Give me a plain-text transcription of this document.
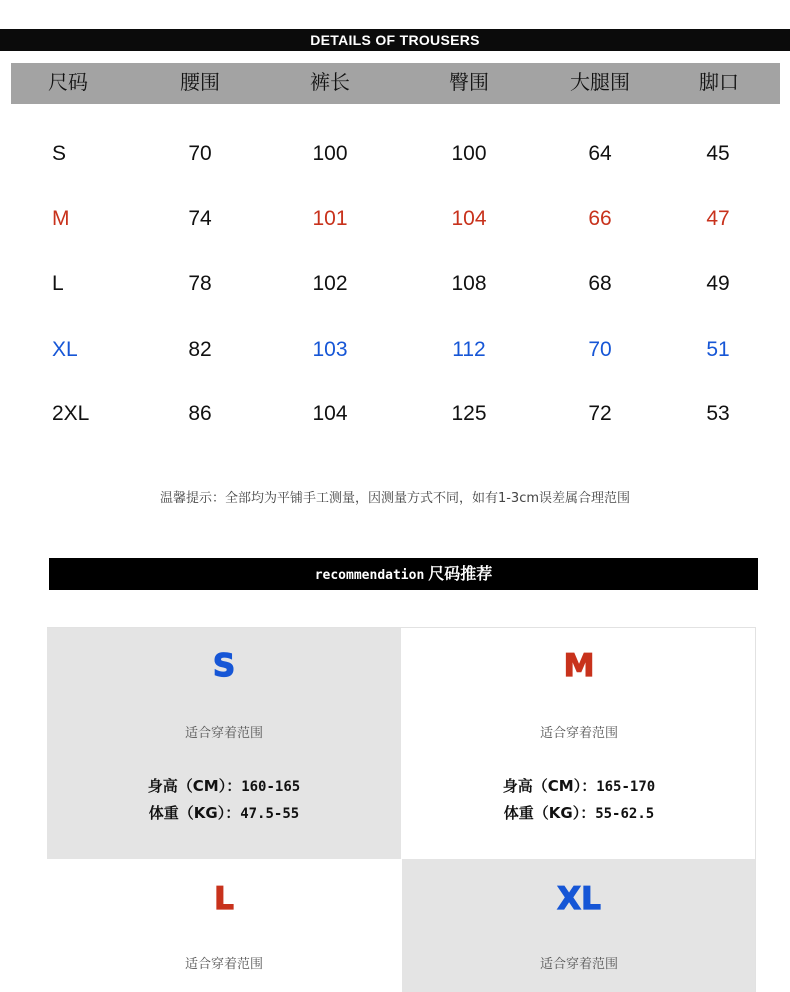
DETAILS OF TROUSERS
尺码	腰围	裤长	臀围	大腿围	脚口
S	70	100	100	64	45
M	74	101	104	66	47
L	78	102	108	68	49
XL	82	103	112	70	51
2XL	86	104	125	72	53
温馨提示：全部均为平铺手工测量，因测量方式不同，如有1-3cm误差属合理范围
recommendation 尺码推荐
S
适合穿着范围
身高（CM）：160-165
体重（KG）：47.5-55
M
适合穿着范围
身高（CM）：165-170
体重（KG）：55-62.5
L
适合穿着范围
XL
适合穿着范围
